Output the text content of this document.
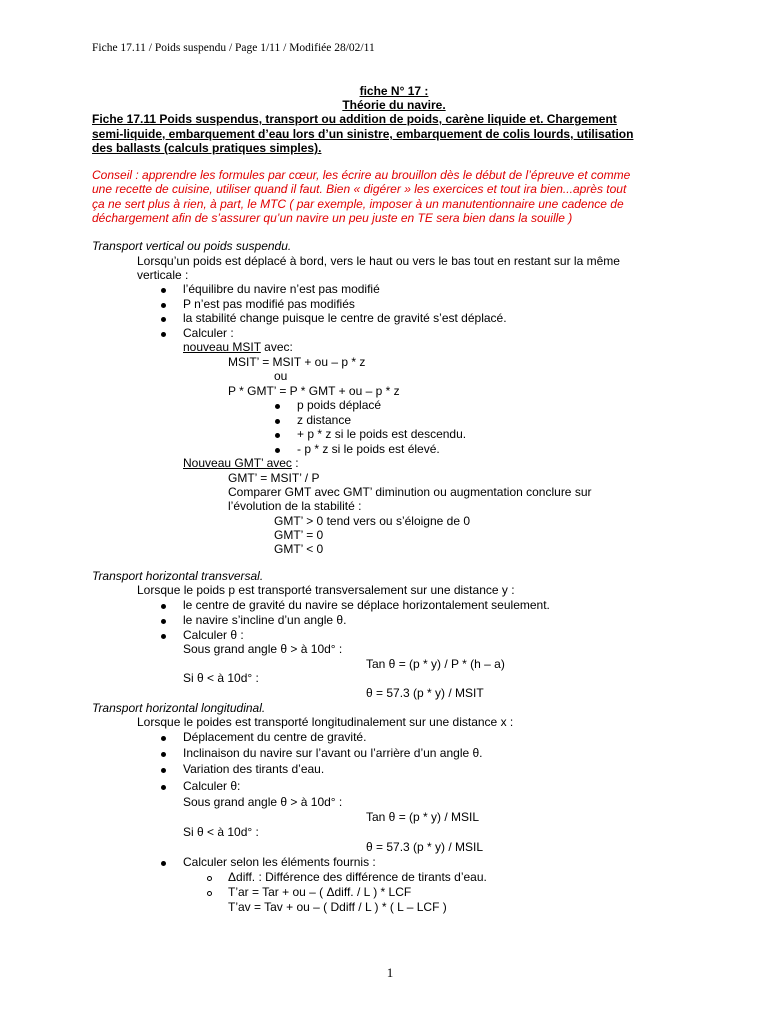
Fiche 17.11 / Poids suspendu / Page 1/11 / Modifiée 28/02/11
fiche N° 17 :
Théorie du navire.
Fiche 17.11 Poids suspendus, transport ou addition de poids, carène liquide et. Chargement
semi-liquide, embarquement d’eau lors d’un sinistre, embarquement de colis lourds, utilisation
des ballasts (calculs pratiques simples).
Conseil : apprendre les formules par cœur, les écrire au brouillon dès le début de l’épreuve et comme
une recette de cuisine, utiliser quand il faut. Bien « digérer » les exercices et tout ira bien...après tout
ça ne sert plus à rien, à part, le MTC ( par exemple, imposer à un manutentionnaire une cadence de
déchargement afin de s’assurer qu’un navire un peu juste en TE sera bien dans la souille )
Transport vertical ou poids suspendu.
Lorsqu’un poids est déplacé à bord, vers le haut ou vers le bas tout en restant sur la même
verticale :
l’équilibre du navire n’est pas modifié
P n’est pas modifié pas modifiés
la stabilité change puisque le centre de gravité s’est déplacé.
Calculer :
nouveau MSIT avec:
MSIT’ = MSIT + ou – p * z
ou
P * GMT’ = P * GMT + ou – p * z
p poids déplacé
z distance
+ p * z si le poids est descendu.
- p * z si le poids est élevé.
Nouveau GMT’ avec :
GMT’ = MSIT’ / P
Comparer GMT avec GMT’ diminution ou augmentation conclure sur
l’évolution de la stabilité :
GMT’ > 0 tend vers ou s’éloigne de 0
GMT’ = 0
GMT’ < 0
Transport horizontal transversal.
Lorsque le poids p est transporté transversalement sur une distance y :
le centre de gravité du navire se déplace horizontalement seulement.
le navire s’incline d’un angle θ.
Calculer θ :
Sous grand angle θ > à 10d° :
Tan θ = (p * y) / P * (h – a)
Si θ < à 10d° :
θ = 57.3 (p * y) / MSIT
Transport horizontal longitudinal.
Lorsque le poides est transporté longitudinalement sur une distance x :
Déplacement du centre de gravité.
Inclinaison du navire sur l’avant ou l’arrière d’un angle θ.
Variation des tirants d’eau.
Calculer θ:
Sous grand angle θ > à 10d° :
Tan θ = (p * y) / MSIL
Si θ < à 10d° :
θ = 57.3 (p * y) / MSIL
Calculer selon les éléments fournis :
Δdiff. : Différence des différence de tirants d’eau.
T’ar = Tar + ou – ( Δdiff. / L ) * LCF
T’av = Tav + ou – ( Ddiff / L ) * ( L – LCF )
1
